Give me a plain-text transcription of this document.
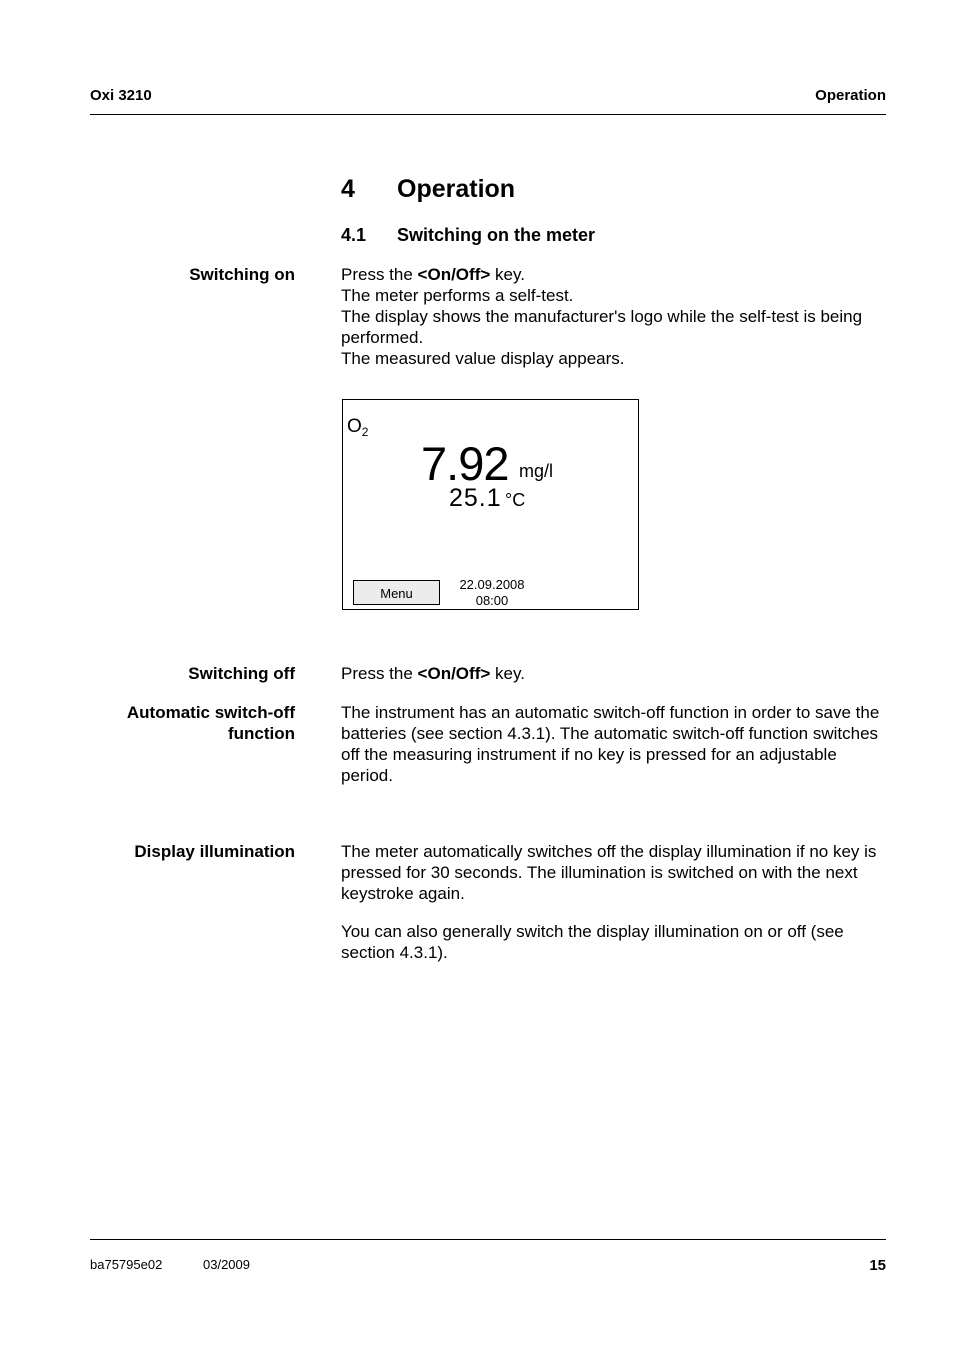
Oxi 3210	Operation
4 Operation
4.1 Switching on the meter
Switching on	Press the <On/Off> key.
The meter performs a self-test.
The display shows the manufacturer's logo while the self-test is being performed.
The measured value display appears.
$O_2$
7.92 mg/l
25.1 °C
Menu
22.09.2008
08:00
Switching off	Press the <On/Off> key.
Automatic switch-off
function
The instrument has an automatic switch-off function in order to save the batteries (see section 4.3.1). The automatic switch-off function switches off the measuring instrument if no key is pressed for an adjustable period.
Display illumination	The meter automatically switches off the display illumination if no key is pressed for 30 seconds. The illumination is switched on with the next keystroke again.
You can also generally switch the display illumination on or off (see section 4.3.1).
ba75795e02	03/2009	15
